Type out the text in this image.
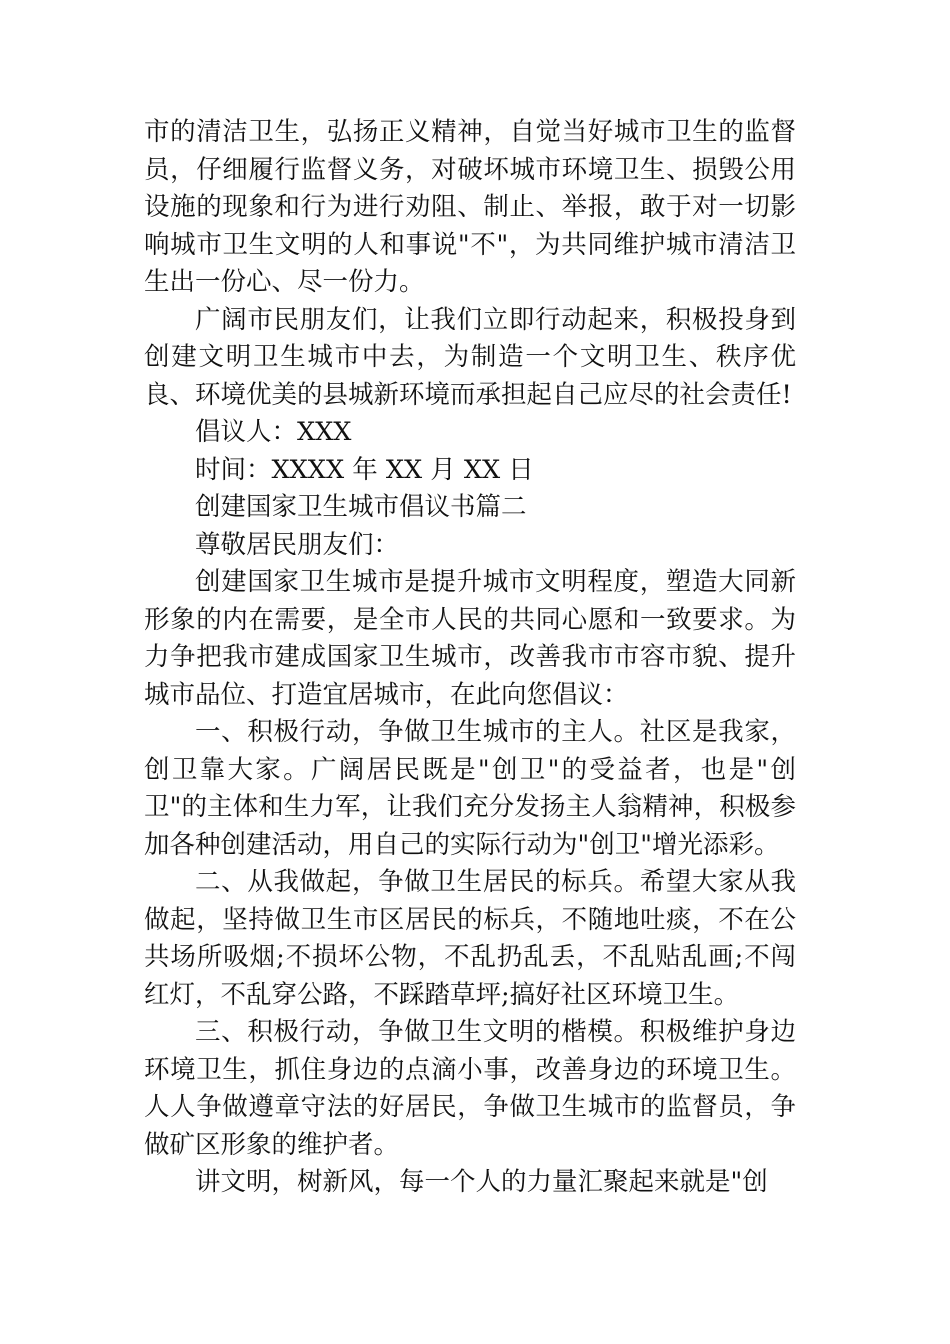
市的清洁卫生，弘扬正义精神，自觉当好城市卫生的监督员，仔细履行监督义务，对破坏城市环境卫生、损毁公用设施的现象和行为进行劝阻、制止、举报，敢于对一切影响城市卫生文明的人和事说"不"，为共同维护城市清洁卫生出一份心、尽一份力。

广阔市民朋友们，让我们立即行动起来，积极投身到创建文明卫生城市中去，为制造一个文明卫生、秩序优良、环境优美的县城新环境而承担起自己应尽的社会责任!

倡议人：XXX

时间：XXXX 年 XX 月 XX 日

创建国家卫生城市倡议书篇二

尊敬居民朋友们：

创建国家卫生城市是提升城市文明程度，塑造大同新形象的内在需要，是全市人民的共同心愿和一致要求。为力争把我市建成国家卫生城市，改善我市市容市貌、提升城市品位、打造宜居城市，在此向您倡议：

一、积极行动，争做卫生城市的主人。社区是我家，创卫靠大家。广阔居民既是"创卫"的受益者，也是"创卫"的主体和生力军，让我们充分发扬主人翁精神，积极参加各种创建活动，用自己的实际行动为"创卫"增光添彩。

二、从我做起，争做卫生居民的标兵。希望大家从我做起，坚持做卫生市区居民的标兵，不随地吐痰，不在公共场所吸烟;不损坏公物，不乱扔乱丢，不乱贴乱画;不闯红灯，不乱穿公路，不踩踏草坪;搞好社区环境卫生。

三、积极行动，争做卫生文明的楷模。积极维护身边环境卫生，抓住身边的点滴小事，改善身边的环境卫生。人人争做遵章守法的好居民，争做卫生城市的监督员，争做矿区形象的维护者。

讲文明，树新风，每一个人的力量汇聚起来就是"创
